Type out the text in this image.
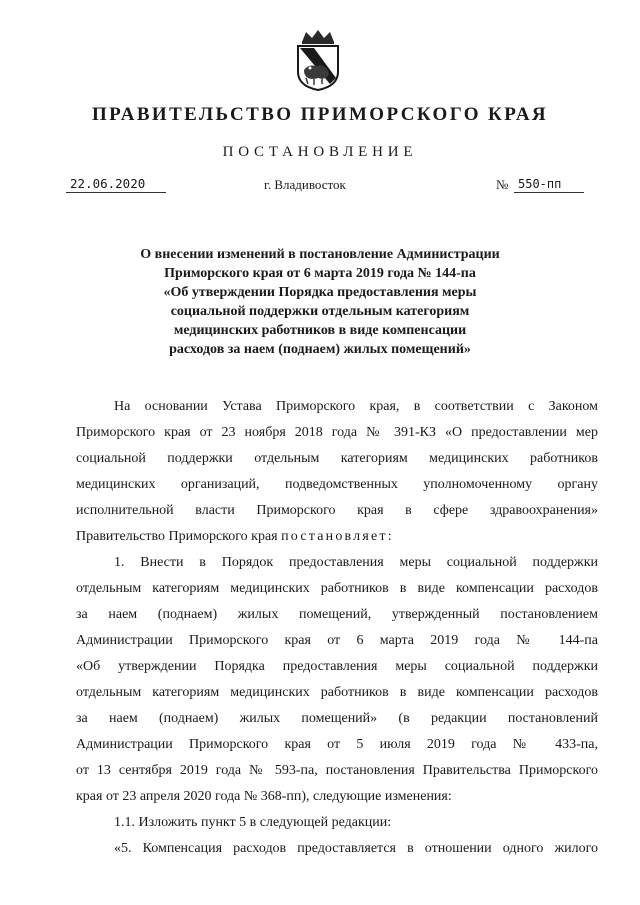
ПРАВИТЕЛЬСТВО ПРИМОРСКОГО КРАЯ
ПОСТАНОВЛЕНИЕ
22.06.2020	г. Владивосток	№ 550-пп
О внесении изменений в постановление Администрации
Приморского края от 6 марта 2019 года № 144-па
«Об утверждении Порядка предоставления меры
социальной поддержки отдельным категориям
медицинских работников в виде компенсации
расходов за наем (поднаем) жилых помещений»
На основании Устава Приморского края, в соответствии с Законом
Приморского края от 23 ноября 2018 года № 391-КЗ «О предоставлении мер
социальной поддержки отдельным категориям медицинских работников
медицинских организаций, подведомственных уполномоченному органу
исполнительной власти Приморского края в сфере здравоохранения»
Правительство Приморского края постановляет:
1. Внести в Порядок предоставления меры социальной поддержки
отдельным категориям медицинских работников в виде компенсации расходов
за наем (поднаем) жилых помещений, утвержденный постановлением
Администрации Приморского края от 6 марта 2019 года № 144-па
«Об утверждении Порядка предоставления меры социальной поддержки
отдельным категориям медицинских работников в виде компенсации расходов
за наем (поднаем) жилых помещений» (в редакции постановлений
Администрации Приморского края от 5 июля 2019 года № 433-па,
от 13 сентября 2019 года № 593-па, постановления Правительства Приморского
края от 23 апреля 2020 года № 368-пп), следующие изменения:
1.1. Изложить пункт 5 в следующей редакции:
«5. Компенсация расходов предоставляется в отношении одного жилого
